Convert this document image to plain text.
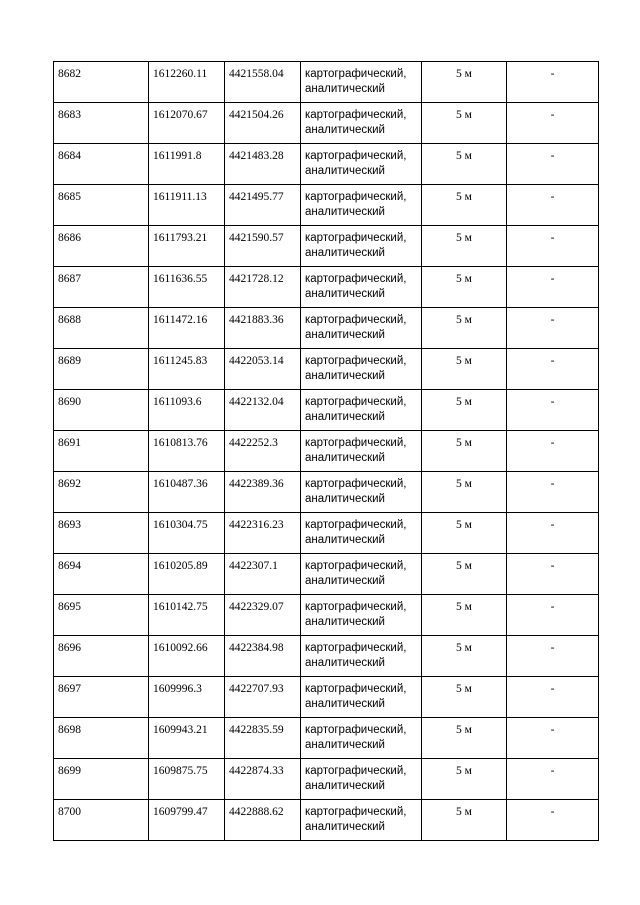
8682	1612260.11	4421558.04	картографический,
аналитический	5 м	-

8683	1612070.67	4421504.26	картографический,
аналитический	5 м	-

8684	1611991.8	4421483.28	картографический,
аналитический	5 м	-

8685	1611911.13	4421495.77	картографический,
аналитический	5 м	-

8686	1611793.21	4421590.57	картографический,
аналитический	5 м	-

8687	1611636.55	4421728.12	картографический,
аналитический	5 м	-

8688	1611472.16	4421883.36	картографический,
аналитический	5 м	-

8689	1611245.83	4422053.14	картографический,
аналитический	5 м	-

8690	1611093.6	4422132.04	картографический,
аналитический	5 м	-

8691	1610813.76	4422252.3	картографический,
аналитический	5 м	-

8692	1610487.36	4422389.36	картографический,
аналитический	5 м	-

8693	1610304.75	4422316.23	картографический,
аналитический	5 м	-

8694	1610205.89	4422307.1	картографический,
аналитический	5 м	-

8695	1610142.75	4422329.07	картографический,
аналитический	5 м	-

8696	1610092.66	4422384.98	картографический,
аналитический	5 м	-

8697	1609996.3	4422707.93	картографический,
аналитический	5 м	-

8698	1609943.21	4422835.59	картографический,
аналитический	5 м	-

8699	1609875.75	4422874.33	картографический,
аналитический	5 м	-

8700	1609799.47	4422888.62	картографический,
аналитический	5 м	-
